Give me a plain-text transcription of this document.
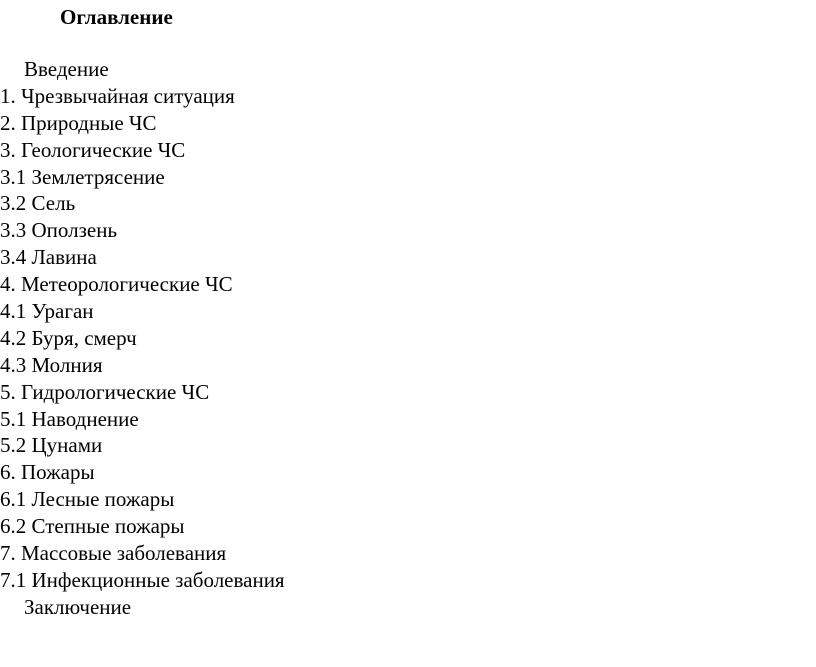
Оглавление
Введение
1. Чрезвычайная ситуация
2. Природные ЧС
3. Геологические ЧС
3.1 Землетрясение
3.2 Сель
3.3 Оползень
3.4 Лавина
4. Метеорологические ЧС
4.1 Ураган
4.2 Буря, смерч
4.3 Молния
5. Гидрологические ЧС
5.1 Наводнение
5.2 Цунами
6. Пожары
6.1 Лесные пожары
6.2 Степные пожары
7. Массовые заболевания
7.1 Инфекционные заболевания
Заключение
